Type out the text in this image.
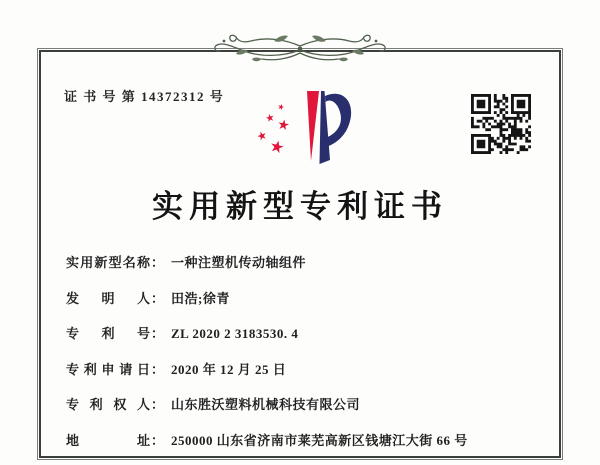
证 书 号 第 14372312 号
实用新型专利证书
实用新型名称 ： 一种注塑机传动轴组件
发明人 ： 田浩;徐青
专利号 ： ZL 2020 2 3183530. 4
专利申请日 ： 2020 年 12 月 25 日
专利权人 ： 山东胜沃塑料机械科技有限公司
地址 ： 250000 山东省济南市莱芜高新区钱塘江大街 66 号
